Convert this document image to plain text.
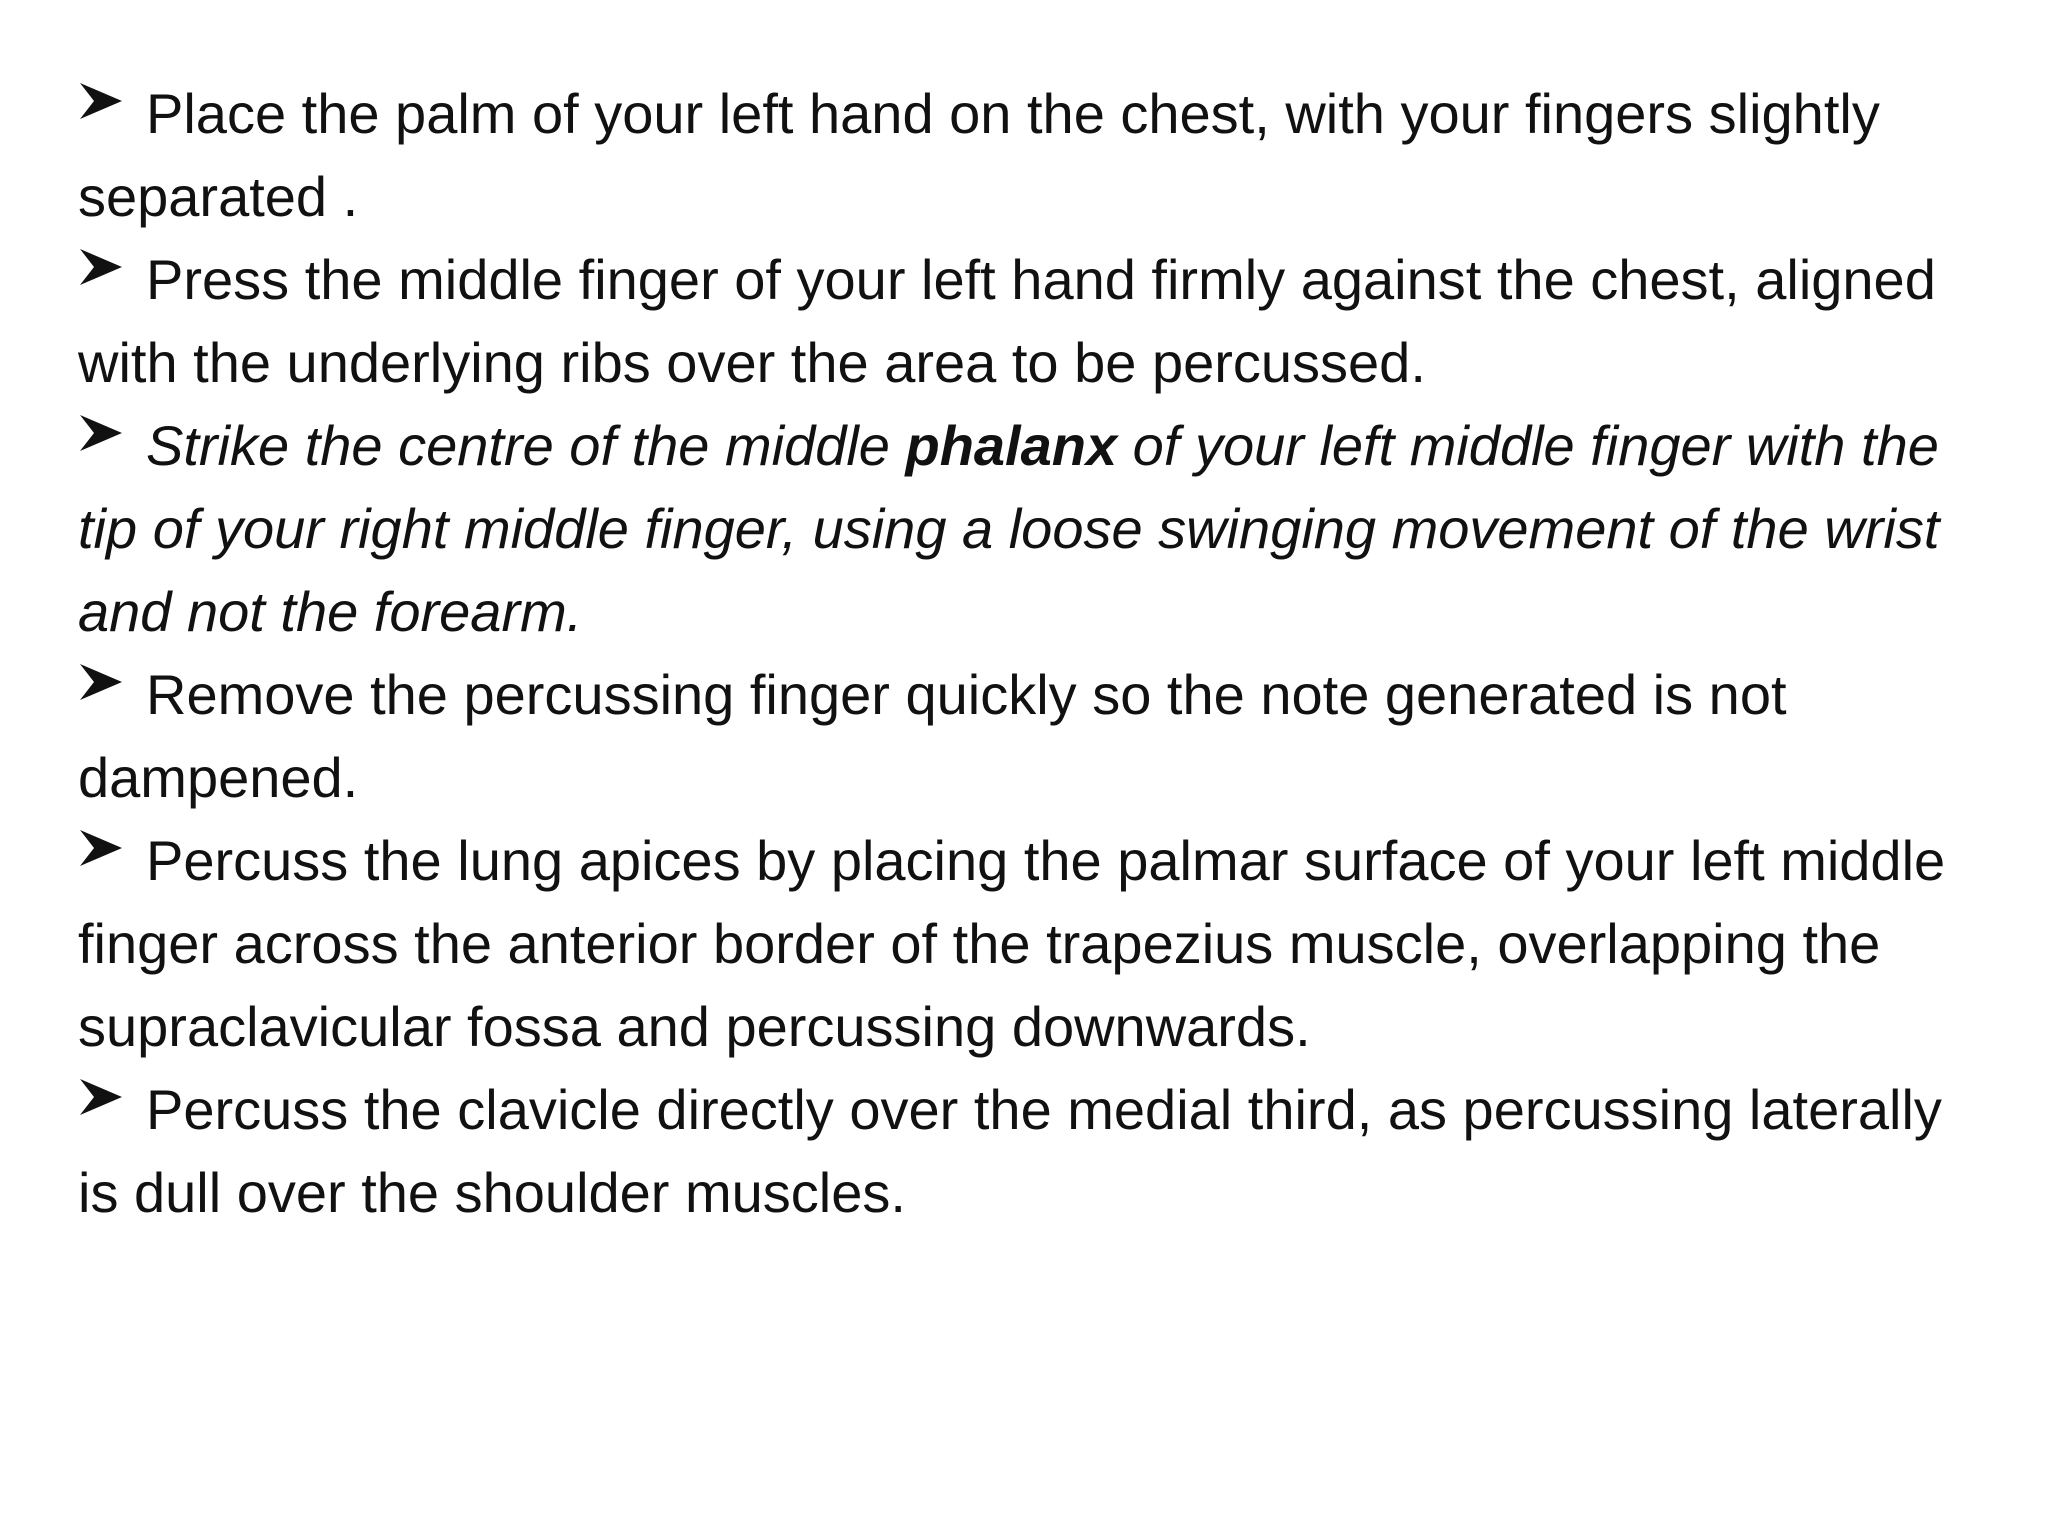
Place the palm of your left hand on the chest, with your fingers slightly separated .

Press the middle finger of your left hand firmly against the chest, aligned with the underlying ribs over the area to be percussed.

Strike the centre of the middle phalanx of your left middle finger with the tip of your right middle finger, using a loose swinging movement of the wrist and not the forearm.

Remove the percussing finger quickly so the note generated is not dampened.

Percuss the lung apices by placing the palmar surface of your left middle finger across the anterior border of the trapezius muscle, overlapping the supraclavicular fossa and percussing downwards.

Percuss the clavicle directly over the medial third, as percussing laterally is dull over the shoulder muscles.
